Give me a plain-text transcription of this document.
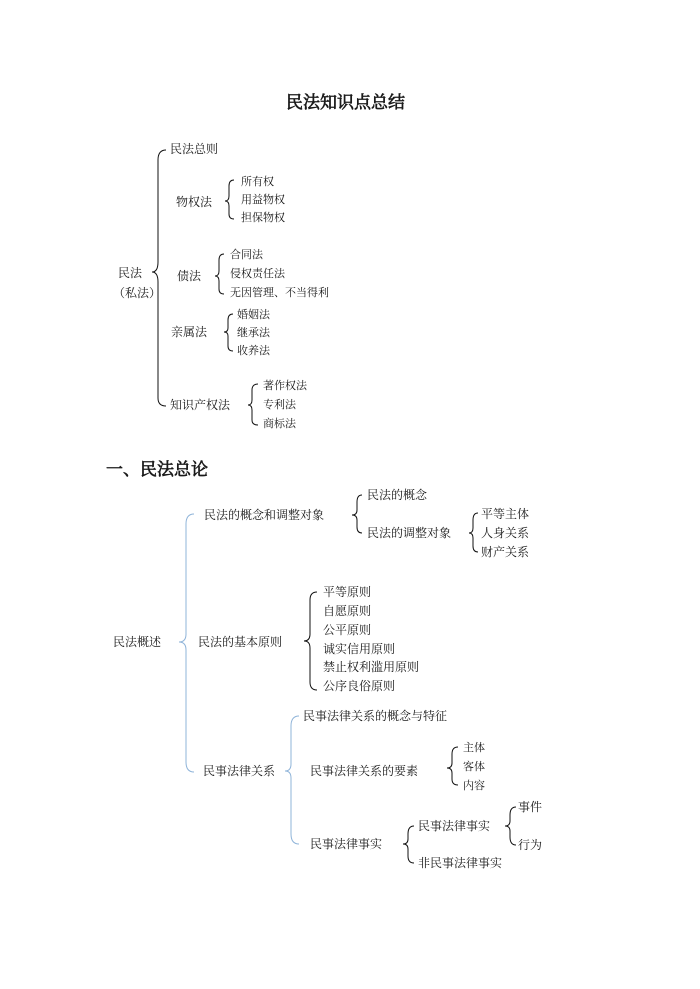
民法知识点总结
民法
（私法）
民法总则
物权法
所有权
用益物权
担保物权
债法
合同法
侵权责任法
无因管理、不当得利
亲属法
婚姻法
继承法
收养法
知识产权法
著作权法
专利法
商标法
一、民法总论
民法概述
民法的概念和调整对象
民法的概念
民法的调整对象
平等主体
人身关系
财产关系
民法的基本原则
平等原则
自愿原则
公平原则
诚实信用原则
禁止权利滥用原则
公序良俗原则
民事法律关系
民事法律关系的概念与特征
民事法律关系的要素
主体
客体
内容
民事法律事实
民事法律事实
事件
行为
非民事法律事实
